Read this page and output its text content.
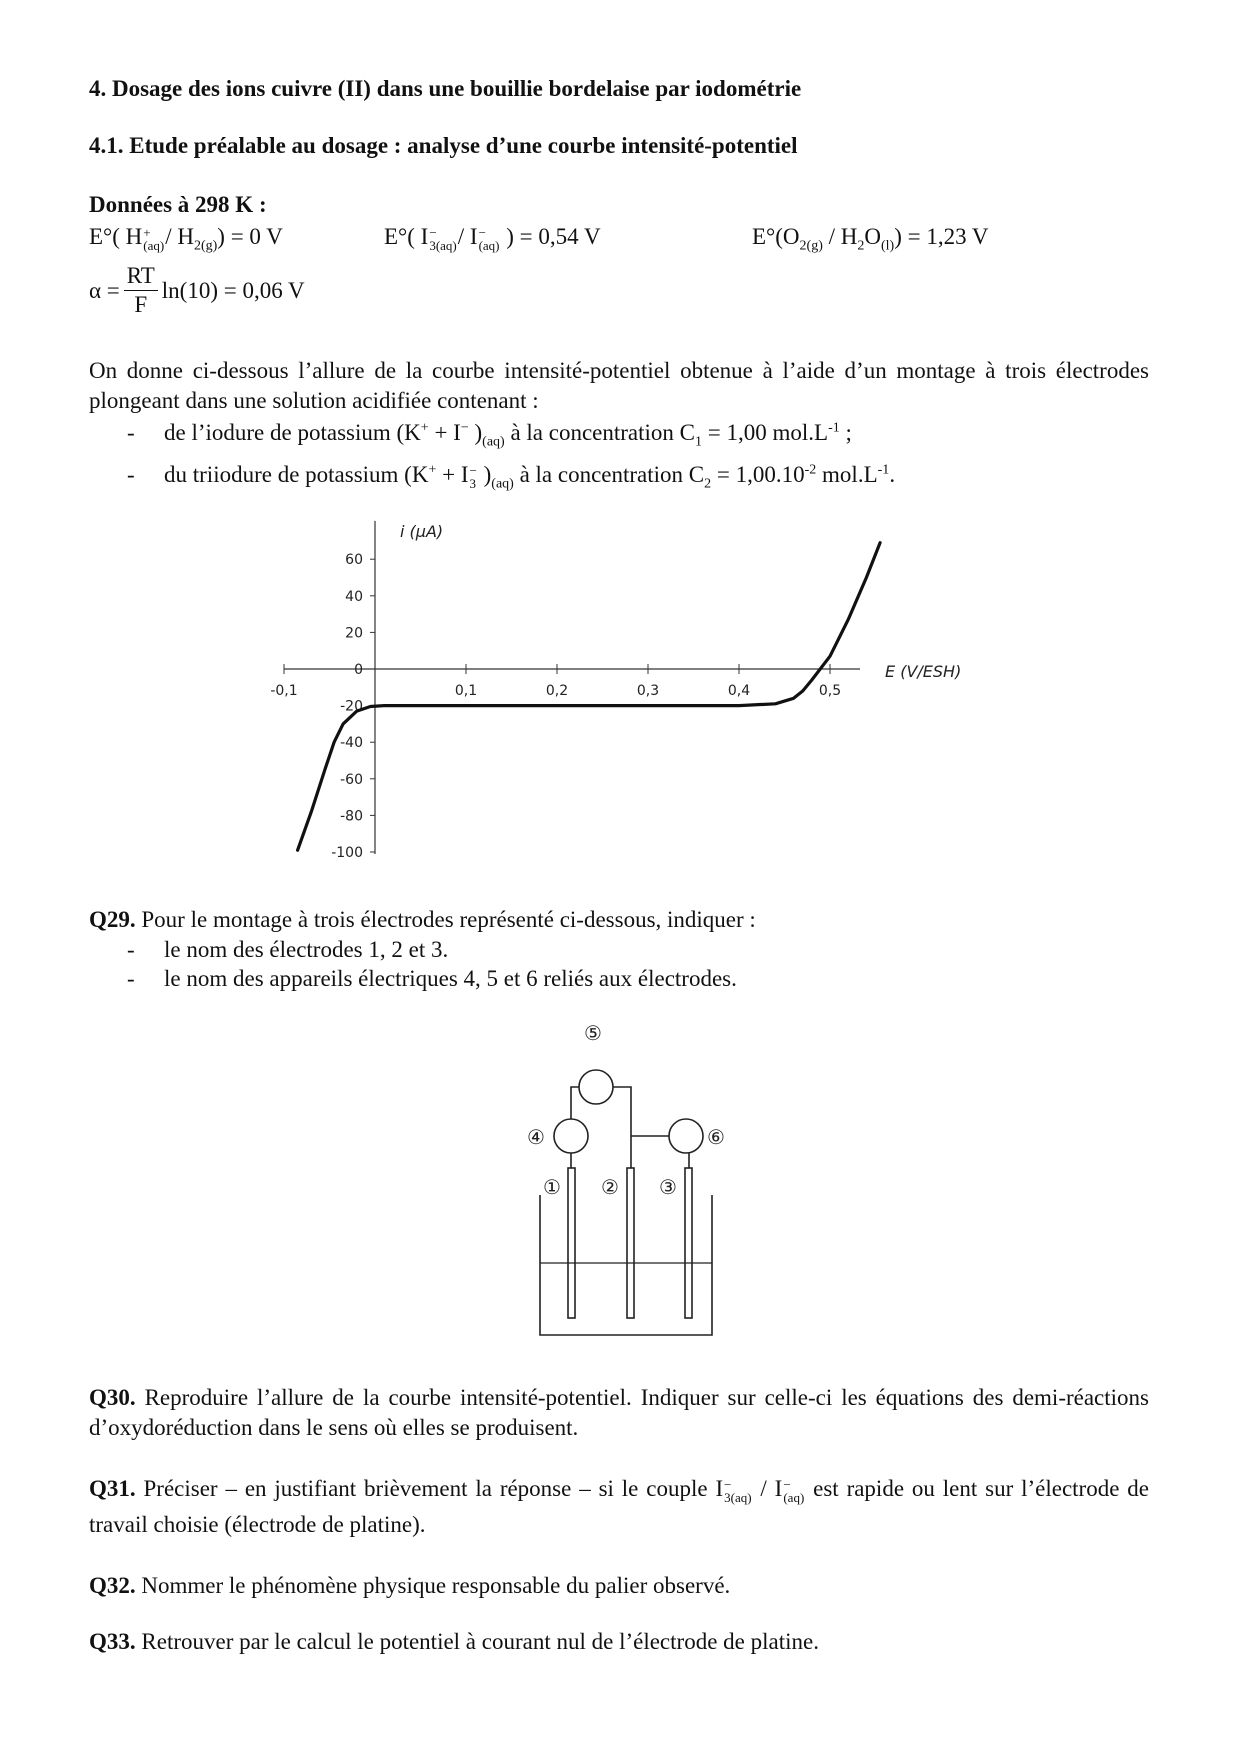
4. Dosage des ions cuivre (II) dans une bouillie bordelaise par iodométrie
4.1. Etude préalable au dosage : analyse d’une courbe intensité-potentiel
Données à 298 K :
E°( H +
$(aq) / H_{2(g)}) = 0$ V	E°( I −
3(aq) / I −
(aq) ) = 0,54 V	$E^\circ(O_{2(g)} / H_2O_{(l)}) = 1,23$ V
$\alpha = \frac{RT}{F} \ln(10) = 0,06$ V
On donne ci-dessous l’allure de la courbe intensité-potentiel obtenue à l’aide d’un montage à trois électrodes plongeant dans une solution acidifiée contenant :
- de l’iodure de potassium (K+ + I− )$_{(aq)}$ à la concentration $C_1 = 1,00$ $mol.L^{-1}$ ;
- du triiodure de potassium (K+ + I −
3 )$_{(aq)}$ à la concentration $C_2 = 1,00.10^{-2}$ $mol.L^{-1}$.
-0,1	0,1	0,2	0,3	0,4	0,5
60
40
20
0
-20
-40
-60
-80
-100
i (µA)
E (V/ESH)
Q29. Pour le montage à trois électrodes représenté ci-dessous, indiquer :
- le nom des électrodes 1, 2 et 3.
- le nom des appareils électriques 4, 5 et 6 reliés aux électrodes.
⑤
④	⑥
① ② ③
Q30. Reproduire l’allure de la courbe intensité-potentiel. Indiquer sur celle-ci les équations des demi-réactions d’oxydoréduction dans le sens où elles se produisent.
Q31. Préciser – en justifiant brièvement la réponse – si le couple I −
3(aq) / I −
(aq) est rapide ou lent sur l’électrode de travail choisie (électrode de platine).
Q32. Nommer le phénomène physique responsable du palier observé.
Q33. Retrouver par le calcul le potentiel à courant nul de l’électrode de platine.
